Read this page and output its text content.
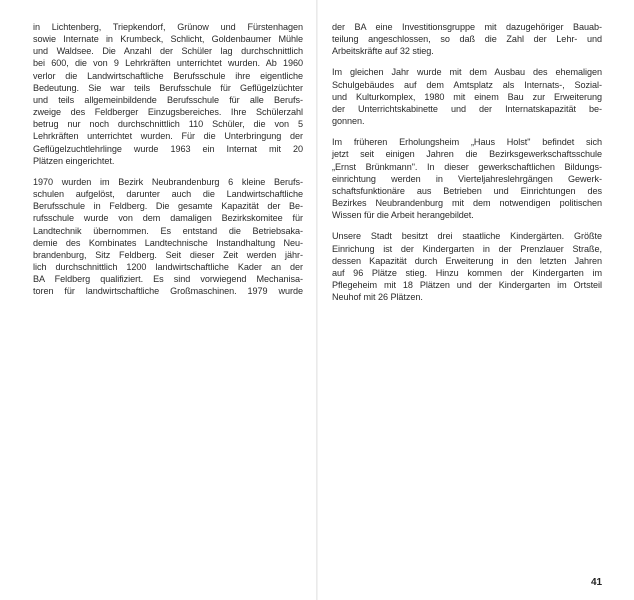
in Lichtenberg, Triepkendorf, Grünow und Fürstenhagen
sowie Internate in Krumbeck, Schlicht, Goldenbaumer Mühle
und Waldsee. Die Anzahl der Schüler lag durchschnittlich
bei 600, die von 9 Lehrkräften unterrichtet wurden. Ab 1960
verlor die Landwirtschaftliche Berufsschule ihre eigentliche
Bedeutung. Sie war teils Berufsschule für Geflügelzüchter
und teils allgemeinbildende Berufsschule für alle Berufs-
zweige des Feldberger Einzugsbereiches. Ihre Schülerzahl
betrug nur noch durchschnittlich 110 Schüler, die von 5
Lehrkräften unterrichtet wurden. Für die Unterbringung der
Geflügelzuchtlehrlinge wurde 1963 ein Internat mit 20
Plätzen eingerichtet.
1970 wurden im Bezirk Neubrandenburg 6 kleine Berufs-
schulen aufgelöst, darunter auch die Landwirtschaftliche
Berufsschule in Feldberg. Die gesamte Kapazität der Be-
rufsschule wurde von dem damaligen Bezirkskomitee für
Landtechnik übernommen. Es entstand die Betriebsaka-
demie des Kombinates Landtechnische Instandhaltung Neu-
brandenburg, Sitz Feldberg. Seit dieser Zeit werden jähr-
lich durchschnittlich 1200 landwirtschaftliche Kader an der
BA Feldberg qualifiziert. Es sind vorwiegend Mechanisa-
toren für landwirtschaftliche Großmaschinen. 1979 wurde
der BA eine Investitionsgruppe mit dazugehöriger Bauab-
teilung angeschlossen, so daß die Zahl der Lehr- und
Arbeitskräfte auf 32 stieg.
Im gleichen Jahr wurde mit dem Ausbau des ehemaligen
Schulgebäudes auf dem Amtsplatz als Internats-, Sozial-
und Kulturkomplex, 1980 mit einem Bau zur Erweiterung
der Unterrichtskabinette und der Internatskapazität be-
gonnen.
Im früheren Erholungsheim „Haus Holst" befindet sich
jetzt seit einigen Jahren die Bezirksgewerkschaftsschule
„Ernst Brünkmann". In dieser gewerkschaftlichen Bildungs-
einrichtung werden in Vierteljahreslehrgängen Gewerk-
schaftsfunktionäre aus Betrieben und Einrichtungen des
Bezirkes Neubrandenburg mit dem notwendigen politischen
Wissen für die Arbeit herangebildet.
Unsere Stadt besitzt drei staatliche Kindergärten. Größte
Einrichung ist der Kindergarten in der Prenzlauer Straße,
dessen Kapazität durch Erweiterung in den letzten Jahren
auf 96 Plätze stieg. Hinzu kommen der Kindergarten im
Pflegeheim mit 18 Plätzen und der Kindergarten im Ortsteil
Neuhof mit 26 Plätzen.
41
